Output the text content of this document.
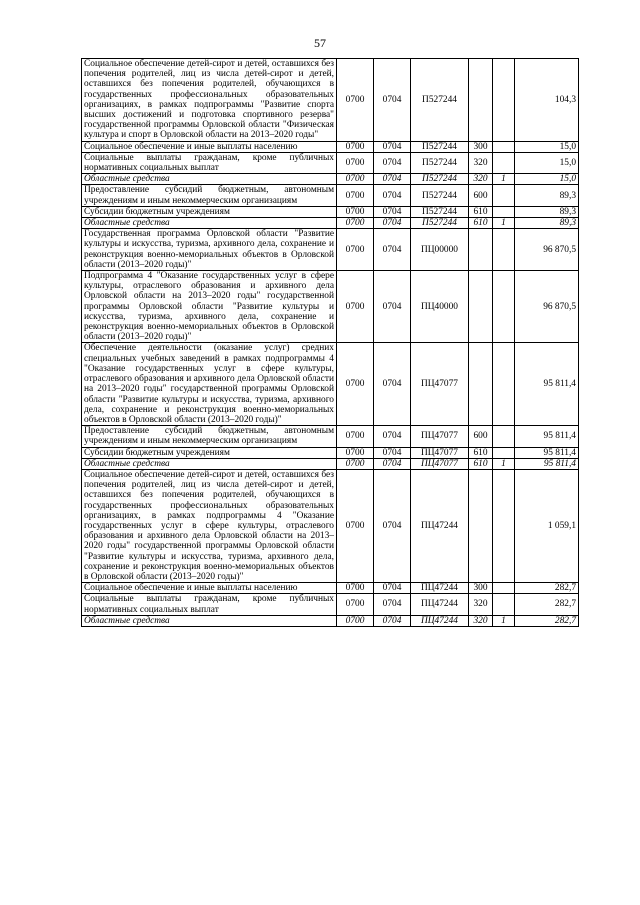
57
Социальное обеспечение детей-сирот и детей, оставшихся без попечения родителей, лиц из числа детей-сирот и детей, оставшихся без попечения родителей, обучающихся в государственных профессиональных образовательных организациях, в рамках подпрограммы "Развитие спорта высших достижений и подготовка спортивного резерва" государственной программы Орловской области "Физическая культура и спорт в Орловской области на 2013–2020 годы"	0700	0704	П527244			104,3
Социальное обеспечение и иные выплаты населению	0700	0704	П527244	300		15,0
Социальные выплаты гражданам, кроме публичных нормативных социальных выплат	0700	0704	П527244	320		15,0
Областные средства	0700	0704	П527244	320	1	15,0
Предоставление субсидий бюджетным, автономным учреждениям и иным некоммерческим организациям	0700	0704	П527244	600		89,3
Субсидии бюджетным учреждениям	0700	0704	П527244	610		89,3
Областные средства	0700	0704	П527244	610	1	89,3
Государственная программа Орловской области "Развитие культуры и искусства, туризма, архивного дела, сохранение и реконструкция военно-мемориальных объектов в Орловской области (2013–2020 годы)"	0700	0704	ПЦ00000			96 870,5
Подпрограмма 4 "Оказание государственных услуг в сфере культуры, отраслевого образования и архивного дела Орловской области на 2013–2020 годы" государственной программы Орловской области "Развитие культуры и искусства, туризма, архивного дела, сохранение и реконструкция военно-мемориальных объектов в Орловской области (2013–2020 годы)"	0700	0704	ПЦ40000			96 870,5
Обеспечение деятельности (оказание услуг) средних специальных учебных заведений в рамках подпрограммы 4 "Оказание государственных услуг в сфере культуры, отраслевого образования и архивного дела Орловской области на 2013–2020 годы" государственной программы Орловской области "Развитие культуры и искусства, туризма, архивного дела, сохранение и реконструкция военно-мемориальных объектов в Орловской области (2013–2020 годы)"	0700	0704	ПЦ47077			95 811,4
Предоставление субсидий бюджетным, автономным учреждениям и иным некоммерческим организациям	0700	0704	ПЦ47077	600		95 811,4
Субсидии бюджетным учреждениям	0700	0704	ПЦ47077	610		95 811,4
Областные средства	0700	0704	ПЦ47077	610	1	95 811,4
Социальное обеспечение детей-сирот и детей, оставшихся без попечения родителей, лиц из числа детей-сирот и детей, оставшихся без попечения родителей, обучающихся в государственных профессиональных образовательных организациях, в рамках подпрограммы 4 "Оказание государственных услуг в сфере культуры, отраслевого образования и архивного дела Орловской области на 2013–2020 годы" государственной программы Орловской области "Развитие культуры и искусства, туризма, архивного дела, сохранение и реконструкция военно-мемориальных объектов в Орловской области (2013–2020 годы)"	0700	0704	ПЦ47244			1 059,1
Социальное обеспечение и иные выплаты населению	0700	0704	ПЦ47244	300		282,7
Социальные выплаты гражданам, кроме публичных нормативных социальных выплат	0700	0704	ПЦ47244	320		282,7
Областные средства	0700	0704	ПЦ47244	320	1	282,7
